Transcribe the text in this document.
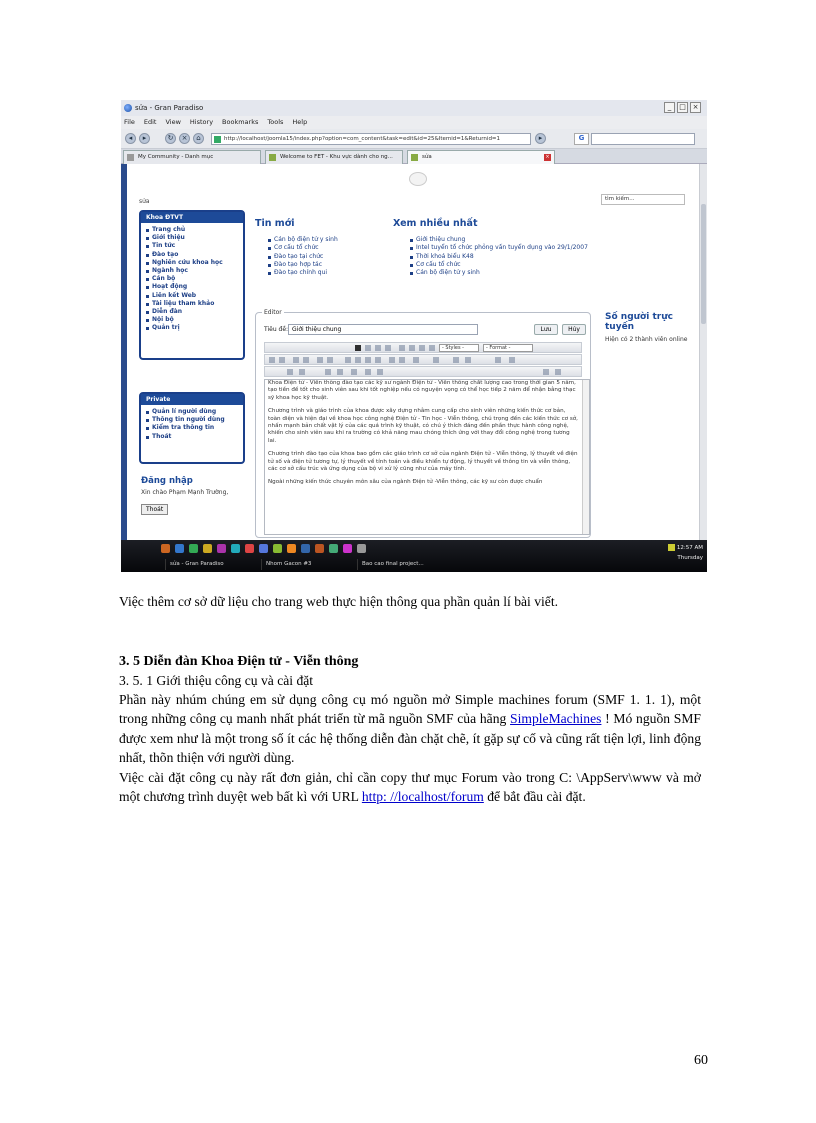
sửa - Gran Paradiso	_	□ ×
File Edit View History Bookmarks Tools Help
◂	▸	↻	×	⌂	http://localhost/joomla15/index.php?option=com_content&task=edit&id=25&Itemid=1&Returnid=1	▸	G
My Community - Danh mục	Welcome to FET - Khu vực dành cho ng...	sửa	×
sửa	tìm kiếm...
Khoa ĐTVT
Trang chủ
Giới thiệu
Tin tức
Đào tạo
Nghiên cứu khoa học
Ngành học
Cán bộ
Hoạt động
Liên kết Web
Tài liệu tham khảo
Diễn đàn
Nội bộ
Quản trị
Private
Quản lí người dùng
Thông tin người dùng
Kiểm tra thông tin
Thoát
Đăng nhập
Xin chào Phạm Mạnh Trường,
Thoát
Tin mới
Cán bộ điện tử y sinh
Cơ cấu tổ chức
Đào tạo tại chức
Đào tạo hợp tác
Đào tạo chính qui
Xem nhiều nhất
Giới thiệu chung
Intel tuyển tố chức phỏng vấn tuyển dụng vào 29/1/2007
Thời khoá biểu K48
Cơ cấu tổ chức
Cán bộ điện tử y sinh
Editor
Tiêu đề: Giới thiệu chung	Lưu	Hủy
- Styles -	- Format -

Khoa Điện tử - Viễn thông đào tạo các kỹ sư ngành Điện tử - Viễn thông chất lượng cao trong thời gian 5 năm, tạo tiền đề tốt cho sinh viên sau khi tốt nghiệp nếu có nguyện vọng có thể học tiếp 2 năm để nhận bằng thạc sỹ khoa học kỹ thuật.

Chương trình và giáo trình của khoa được xây dựng nhằm cung cấp cho sinh viên những kiến thức cơ bản, toàn diện và hiện đại về khoa học công nghệ Điện tử - Tin học - Viễn thông, chú trọng đến các kiến thức cơ sở, nhấn mạnh bản chất vật lý của các quá trình kỹ thuật, có chú ý thích đáng đến phần thực hành công nghệ, khiến cho sinh viên sau khi ra trường có khả năng mau chóng thích ứng với thay đổi công nghệ trong tương lai.

Chương trình đào tạo của khoa bao gồm các giáo trình cơ sở của ngành Điện tử - Viễn thông, lý thuyết về điện tử số và điện tử tương tự, lý thuyết về tính toán và điều khiển tự động, lý thuyết về thông tin và viễn thông, các cơ sở cấu trúc và ứng dụng của bộ vi xử lý cũng như của máy tính.

Ngoài những kiến thức chuyên môn sâu của ngành Điện tử -Viễn thông, các kỹ sư còn được chuẩn

Số người trực tuyến
Hiện có 2 thành viên online
sửa - Gran Paradiso	Nhom Gacon #3	Bao cao final project...
12:57 AM
Thursday
Việc thêm cơ sở dữ liệu cho trang web thực hiện thông qua phần quản lí bài viết.
3. 5 Diễn đàn Khoa Điện tử - Viễn thông
3. 5. 1 Giới thiệu công cụ và cài đặt
Phần này nhúm chúng em sử dụng công cụ mó nguồn mở Simple machines forum (SMF 1. 1. 1), một trong những công cụ manh nhất phát triển từ mã nguồn SMF của hãng SimpleMachines ! Mó nguồn SMF được xem như là một trong số ít các hệ thống diễn đàn chặt chẽ, ít gặp sự cố và cũng rất tiện lợi, linh động nhất, thõn thiện với người dùng.
Việc cài đặt công cụ này rất đơn giản, chỉ cần copy thư mục Forum vào trong C: \AppServ\www và mở một chương trình duyệt web bất kì với URL http: //localhost/forum để bắt đầu cài đặt.
60
